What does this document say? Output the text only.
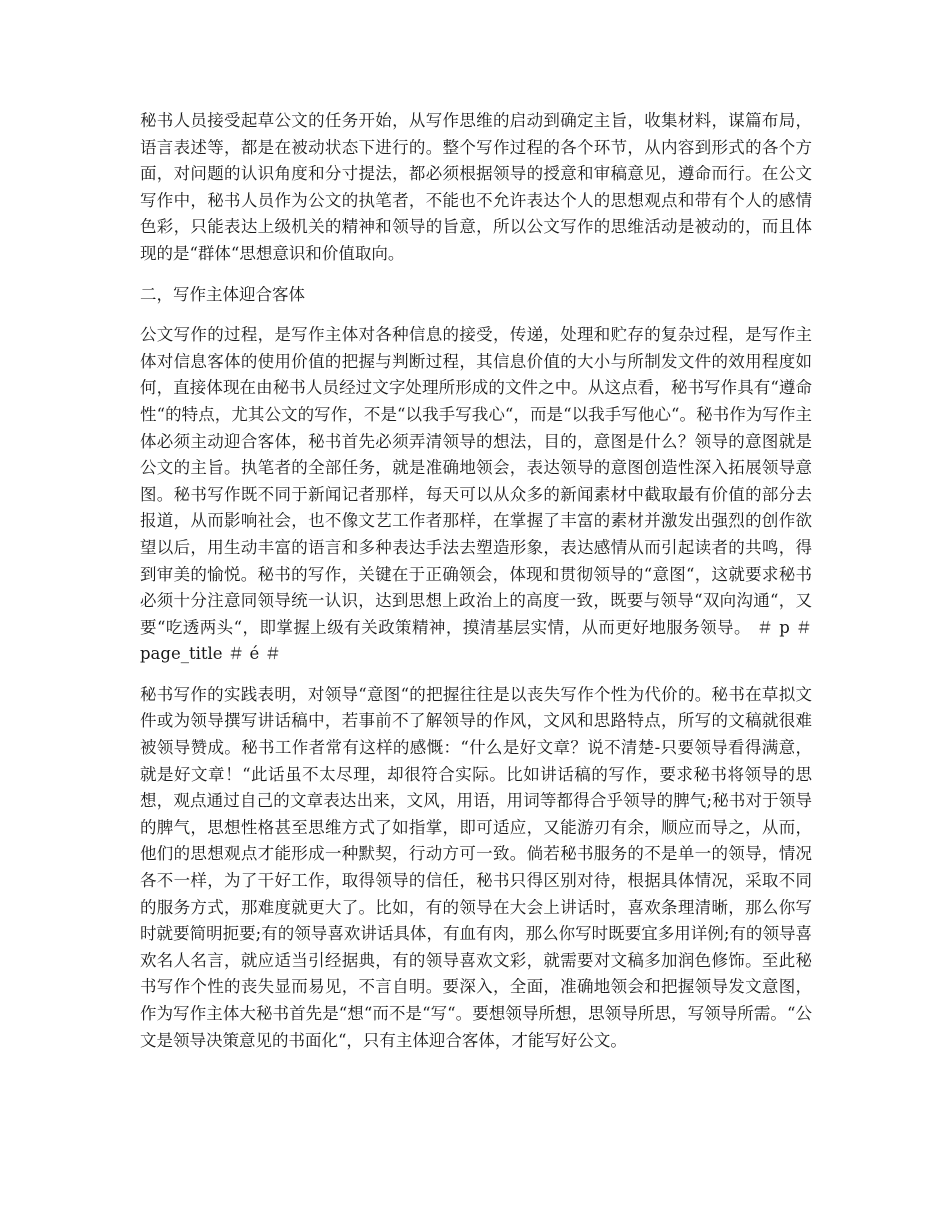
秘书人员接受起草公文的任务开始，从写作思维的启动到确定主旨，收集材料，谋篇布局，语言表述等，都是在被动状态下进行的。整个写作过程的各个环节，从内容到形式的各个方面，对问题的认识角度和分寸提法，都必须根据领导的授意和审稿意见，遵命而行。在公文写作中，秘书人员作为公文的执笔者，不能也不允许表达个人的思想观点和带有个人的感情色彩，只能表达上级机关的精神和领导的旨意，所以公文写作的思维活动是被动的，而且体现的是“群体“思想意识和价值取向。

二，写作主体迎合客体

公文写作的过程，是写作主体对各种信息的接受，传递，处理和贮存的复杂过程，是写作主体对信息客体的使用价值的把握与判断过程，其信息价值的大小与所制发文件的效用程度如何，直接体现在由秘书人员经过文字处理所形成的文件之中。从这点看，秘书写作具有“遵命性“的特点，尤其公文的写作，不是“以我手写我心“，而是“以我手写他心“。秘书作为写作主体必须主动迎合客体，秘书首先必须弄清领导的想法，目的，意图是什么？领导的意图就是公文的主旨。执笔者的全部任务，就是准确地领会，表达领导的意图创造性深入拓展领导意图。秘书写作既不同于新闻记者那样，每天可以从众多的新闻素材中截取最有价值的部分去报道，从而影响社会，也不像文艺工作者那样，在掌握了丰富的素材并激发出强烈的创作欲望以后，用生动丰富的语言和多种表达手法去塑造形象，表达感情从而引起读者的共鸣，得到审美的愉悦。秘书的写作，关键在于正确领会，体现和贯彻领导的“意图“，这就要求秘书必须十分注意同领导统一认识，达到思想上政治上的高度一致，既要与领导“双向沟通“，又要“吃透两头“，即掌握上级有关政策精神，摸清基层实情，从而更好地服务领导。 ＃ p ＃ page_title ＃ é ＃

秘书写作的实践表明，对领导“意图“的把握往往是以丧失写作个性为代价的。秘书在草拟文件或为领导撰写讲话稿中，若事前不了解领导的作风，文风和思路特点，所写的文稿就很难被领导赞成。秘书工作者常有这样的感慨：“什么是好文章？说不清楚-只要领导看得满意，就是好文章！“此话虽不太尽理，却很符合实际。比如讲话稿的写作，要求秘书将领导的思想，观点通过自己的文章表达出来，文风，用语，用词等都得合乎领导的脾气;秘书对于领导的脾气，思想性格甚至思维方式了如指掌，即可适应，又能游刃有余，顺应而导之，从而，他们的思想观点才能形成一种默契，行动方可一致。倘若秘书服务的不是单一的领导，情况各不一样，为了干好工作，取得领导的信任，秘书只得区别对待，根据具体情况，采取不同的服务方式，那难度就更大了。比如，有的领导在大会上讲话时，喜欢条理清晰，那么你写时就要简明扼要;有的领导喜欢讲话具体，有血有肉，那么你写时既要宜多用详例;有的领导喜欢名人名言，就应适当引经据典，有的领导喜欢文彩，就需要对文稿多加润色修饰。至此秘书写作个性的丧失显而易见，不言自明。要深入，全面，准确地领会和把握领导发文意图，作为写作主体大秘书首先是“想“而不是“写“。要想领导所想，思领导所思，写领导所需。“公文是领导决策意见的书面化“，只有主体迎合客体，才能写好公文。
